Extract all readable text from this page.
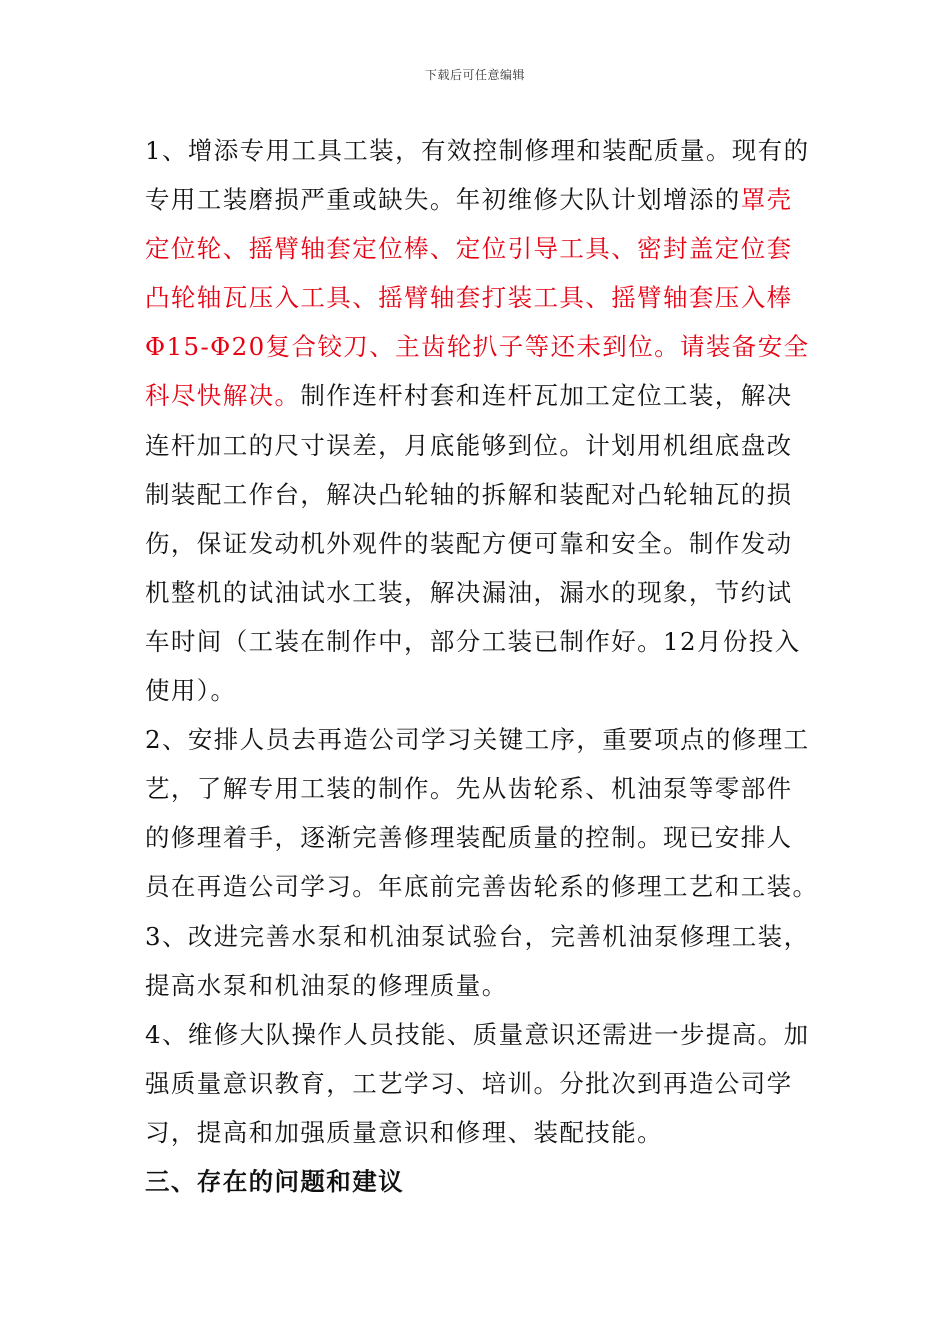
下载后可任意编辑
1、增添专用工具工装，有效控制修理和装配质量。现有的
专用工装磨损严重或缺失。年初维修大队计划增添的罩壳
定位轮、摇臂轴套定位棒、定位引导工具、密封盖定位套
凸轮轴瓦压入工具、摇臂轴套打装工具、摇臂轴套压入棒
Φ15-Φ20复合铰刀、主齿轮扒子等还未到位。请装备安全
科尽快解决。制作连杆村套和连杆瓦加工定位工装，解决
连杆加工的尺寸误差，月底能够到位。计划用机组底盘改
制装配工作台，解决凸轮轴的拆解和装配对凸轮轴瓦的损
伤，保证发动机外观件的装配方便可靠和安全。制作发动
机整机的试油试水工装，解决漏油，漏水的现象，节约试
车时间（工装在制作中，部分工装已制作好。12月份投入
使用）。
2、安排人员去再造公司学习关键工序，重要项点的修理工
艺，了解专用工装的制作。先从齿轮系、机油泵等零部件
的修理着手，逐渐完善修理装配质量的控制。现已安排人
员在再造公司学习。年底前完善齿轮系的修理工艺和工装。
3、改进完善水泵和机油泵试验台，完善机油泵修理工装，
提高水泵和机油泵的修理质量。
4、维修大队操作人员技能、质量意识还需进一步提高。加
强质量意识教育，工艺学习、培训。分批次到再造公司学
习，提高和加强质量意识和修理、装配技能。
三、存在的问题和建议
